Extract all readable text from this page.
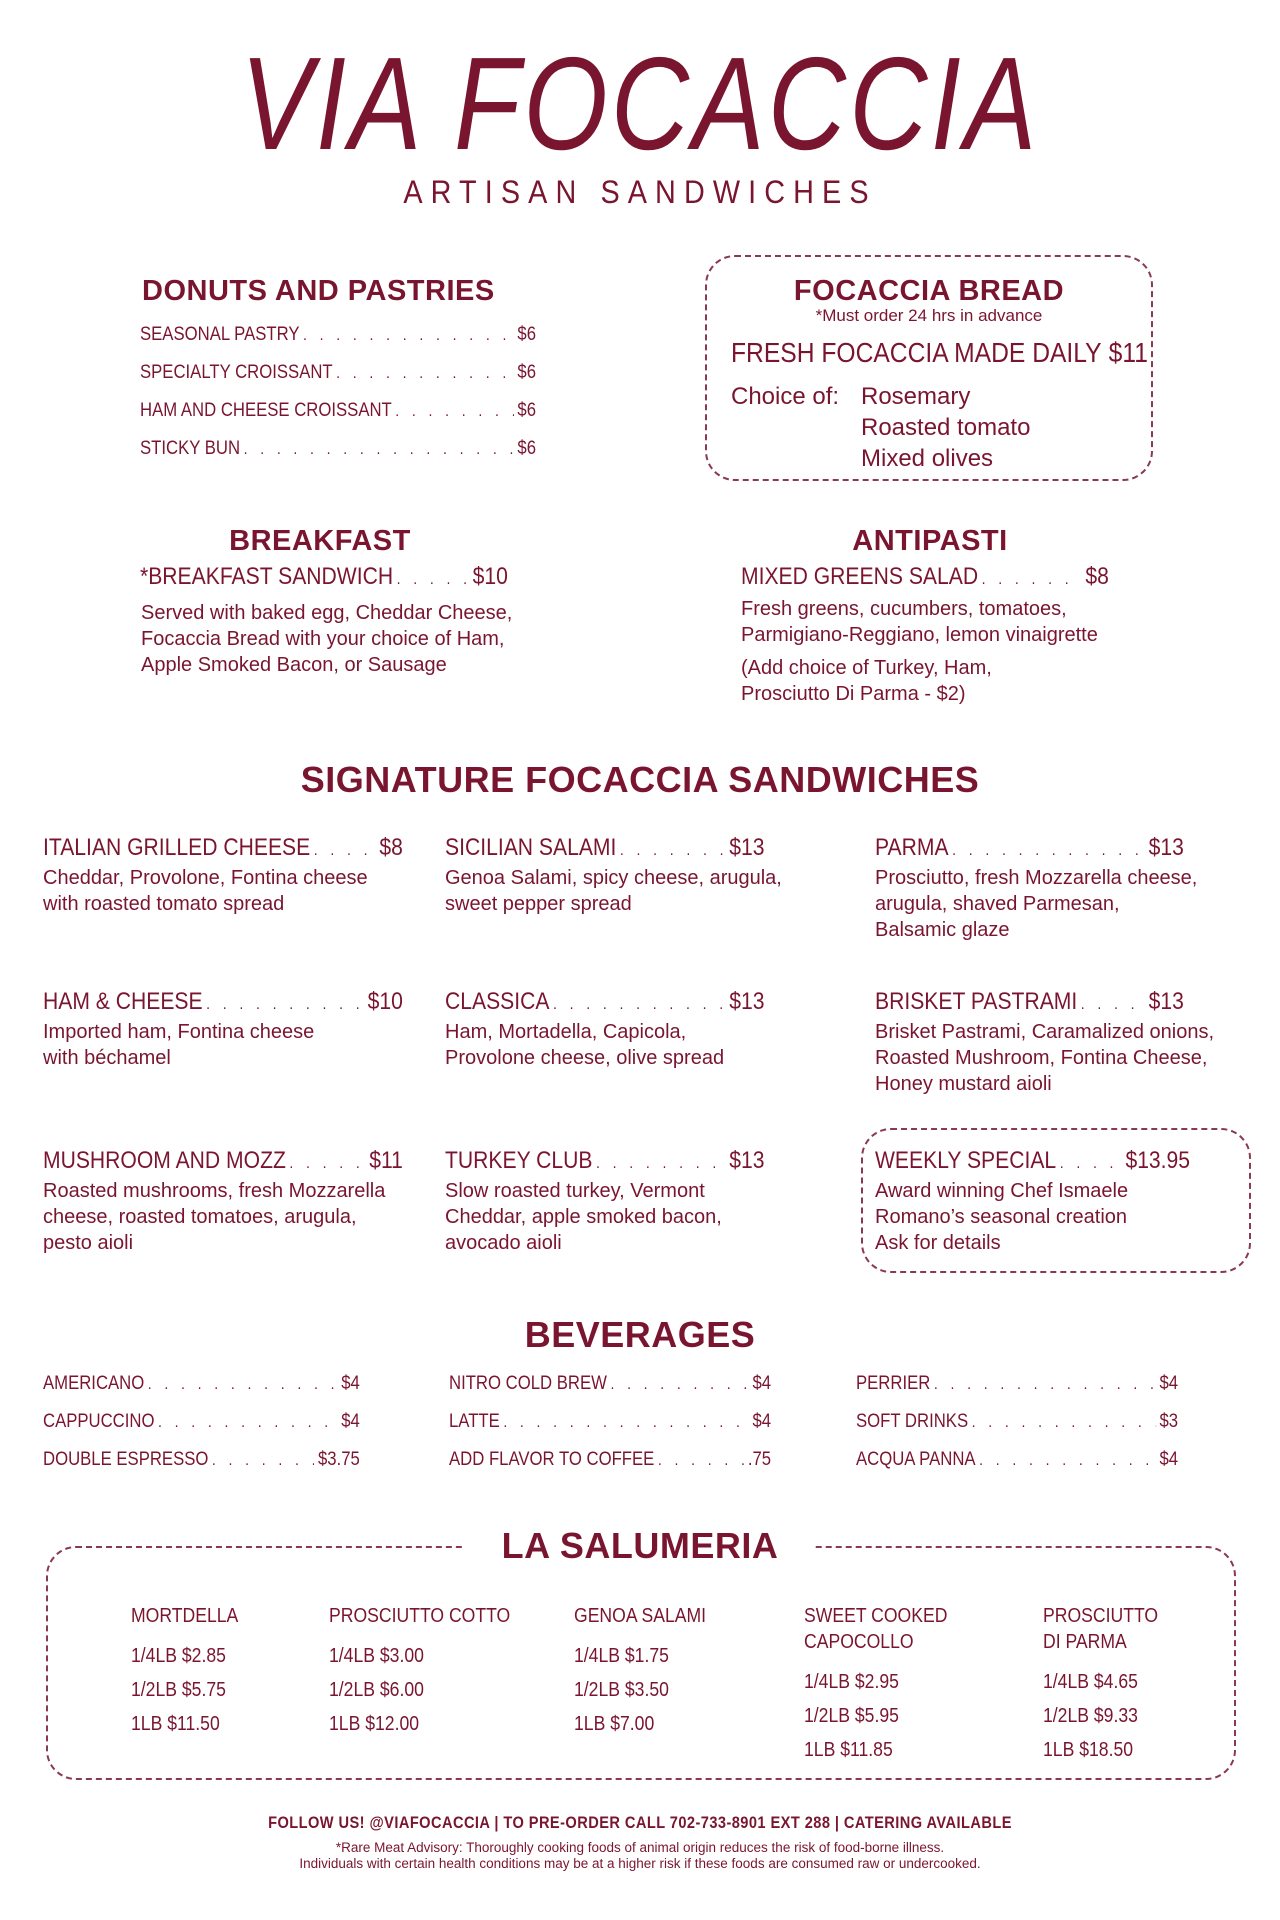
VIA FOCACCIA
ARTISAN SANDWICHES
DONUTS AND PASTRIES
SEASONAL PASTRY . . .	$6
SPECIALTY CROISSANT . . .	$6
HAM AND CHEESE CROISSANT . . .	$6
STICKY BUN . . .	$6
FOCACCIA BREAD
*Must order 24 hrs in advance
FRESH FOCACCIA MADE DAILY $11
Choice of: Rosemary
Roasted tomato
Mixed olives
BREAKFAST
*BREAKFAST SANDWICH . . .	$10
Served with baked egg, Cheddar Cheese,
Focaccia Bread with your choice of Ham,
Apple Smoked Bacon, or Sausage
ANTIPASTI
MIXED GREENS SALAD . . .	$8
Fresh greens, cucumbers, tomatoes,
Parmigiano-Reggiano, lemon vinaigrette
(Add choice of Turkey, Ham,
Prosciutto Di Parma - $2)
SIGNATURE FOCACCIA SANDWICHES
ITALIAN GRILLED CHEESE . . .	$8
Cheddar, Provolone, Fontina cheese
with roasted tomato spread
SICILIAN SALAMI . . .	$13
Genoa Salami, spicy cheese, arugula,
sweet pepper spread
PARMA . . .	$13
Prosciutto, fresh Mozzarella cheese,
arugula, shaved Parmesan,
Balsamic glaze
HAM & CHEESE . . .	$10
Imported ham, Fontina cheese
with béchamel
CLASSICA . . .	$13
Ham, Mortadella, Capicola,
Provolone cheese, olive spread
BRISKET PASTRAMI . . .	$13
Brisket Pastrami, Caramalized onions,
Roasted Mushroom, Fontina Cheese,
Honey mustard aioli
MUSHROOM AND MOZZ . . .	$11
Roasted mushrooms, fresh Mozzarella
cheese, roasted tomatoes, arugula,
pesto aioli
TURKEY CLUB . . .	$13
Slow roasted turkey, Vermont
Cheddar, apple smoked bacon,
avocado aioli
WEEKLY SPECIAL . . .	$13.95
Award winning Chef Ismaele
Romano’s seasonal creation
Ask for details
BEVERAGES
AMERICANO . . .	$4
CAPPUCCINO . . .	$4
DOUBLE ESPRESSO . . .	$3.75
NITRO COLD BREW . . .	$4
LATTE . . .	$4
ADD FLAVOR TO COFFEE . . .	.75
PERRIER . . .	$4
SOFT DRINKS . . .	$3
ACQUA PANNA . . .	$4
LA SALUMERIA
MORTDELLA
1/4LB $2.85
1/2LB $5.75
1LB $11.50
PROSCIUTTO COTTO
1/4LB $3.00
1/2LB $6.00
1LB $12.00
GENOA SALAMI
1/4LB $1.75
1/2LB $3.50
1LB $7.00
SWEET COOKED
CAPOCOLLO
1/4LB $2.95
1/2LB $5.95
1LB $11.85
PROSCIUTTO
DI PARMA
1/4LB $4.65
1/2LB $9.33
1LB $18.50
FOLLOW US! @VIAFOCACCIA | TO PRE-ORDER CALL 702-733-8901 EXT 288 | CATERING AVAILABLE
*Rare Meat Advisory: Thoroughly cooking foods of animal origin reduces the risk of food-borne illness.
Individuals with certain health conditions may be at a higher risk if these foods are consumed raw or undercooked.
